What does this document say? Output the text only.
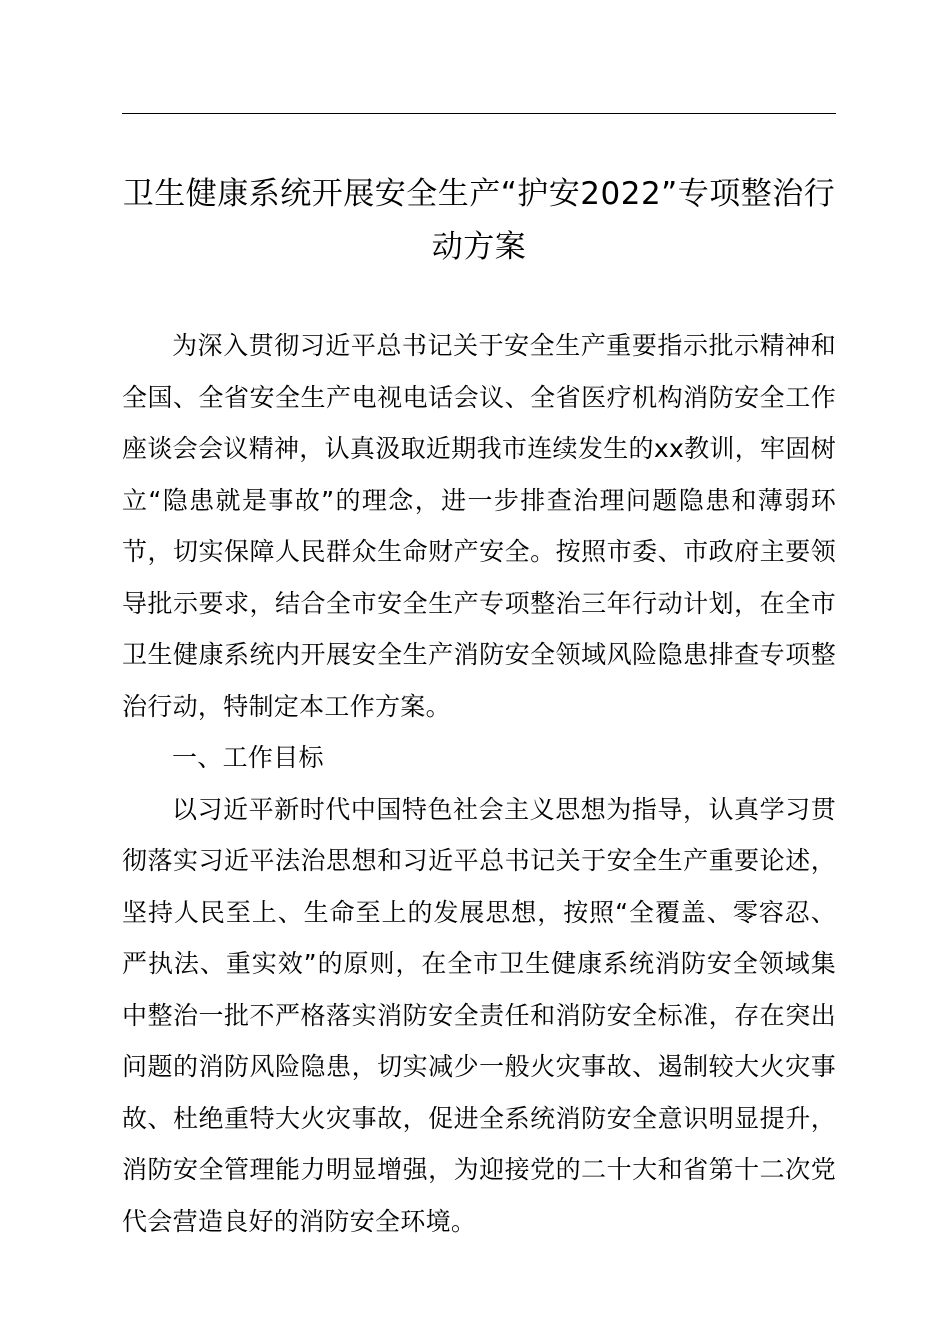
卫生健康系统开展安全生产“护安2022”专项整治行动方案

为深入贯彻习近平总书记关于安全生产重要指示批示精神和全国、全省安全生产电视电话会议、全省医疗机构消防安全工作座谈会会议精神，认真汲取近期我市连续发生的xx教训，牢固树立“隐患就是事故”的理念，进一步排查治理问题隐患和薄弱环节，切实保障人民群众生命财产安全。按照市委、市政府主要领导批示要求，结合全市安全生产专项整治三年行动计划，在全市卫生健康系统内开展安全生产消防安全领域风险隐患排查专项整治行动，特制定本工作方案。

一、工作目标

以习近平新时代中国特色社会主义思想为指导，认真学习贯彻落实习近平法治思想和习近平总书记关于安全生产重要论述，坚持人民至上、生命至上的发展思想，按照“全覆盖、零容忍、严执法、重实效”的原则，在全市卫生健康系统消防安全领域集中整治一批不严格落实消防安全责任和消防安全标准，存在突出问题的消防风险隐患，切实减少一般火灾事故、遏制较大火灾事故、杜绝重特大火灾事故，促进全系统消防安全意识明显提升，消防安全管理能力明显增强，为迎接党的二十大和省第十二次党代会营造良好的消防安全环境。
